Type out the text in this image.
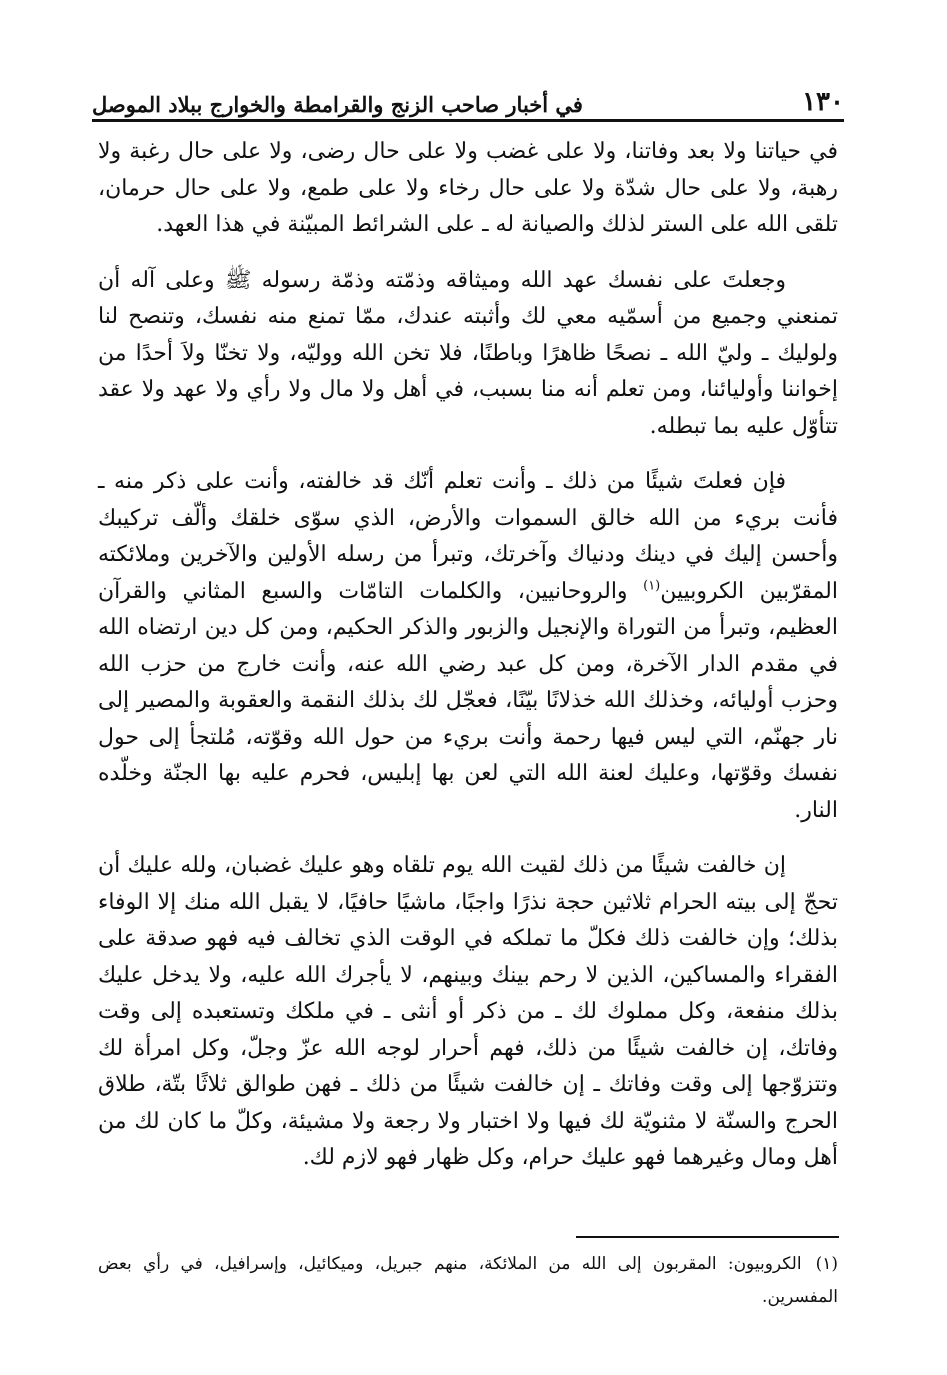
١٣٠
في أخبار صاحب الزنج والقرامطة والخوارج ببلاد الموصل

في حياتنا ولا بعد وفاتنا، ولا على غضب ولا على حال رضى، ولا على حال رغبة ولا رهبة، ولا على حال شدّة ولا على حال رخاء ولا على طمع، ولا على حال حرمان، تلقى الله على الستر لذلك والصيانة له ـ على الشرائط المبيّنة في هذا العهد.

وجعلتَ على نفسك عهد الله وميثاقه وذمّته وذمّة رسوله ﷺ وعلى آله أن تمنعني وجميع من أسمّيه معي لك وأثبته عندك، ممّا تمنع منه نفسك، وتنصح لنا ولوليك ـ وليّ الله ـ نصحًا ظاهرًا وباطنًا، فلا تخن الله ووليّه، ولا تخنّا ولاَ أحدًا من إخواننا وأوليائنا، ومن تعلم أنه منا بسبب، في أهل ولا مال ولا رأي ولا عهد ولا عقد تتأوّل عليه بما تبطله.

فإن فعلتَ شيئًا من ذلك ـ وأنت تعلم أنّك قد خالفته، وأنت على ذكر منه ـ فأنت بريء من الله خالق السموات والأرض، الذي سوّى خلقك وألّف تركيبك وأحسن إليك في دينك ودنياك وآخرتك، وتبرأ من رسله الأولين والآخرين وملائكته المقرّبين الكروبيين$^{(١)}$ والروحانيين، والكلمات التامّات والسبع المثاني والقرآن العظيم، وتبرأ من التوراة والإنجيل والزبور والذكر الحكيم، ومن كل دين ارتضاه الله في مقدم الدار الآخرة، ومن كل عبد رضي الله عنه، وأنت خارج من حزب الله وحزب أوليائه، وخذلك الله خذلانًا بيّنًا، فعجّل لك بذلك النقمة والعقوبة والمصير إلى نار جهنّم، التي ليس فيها رحمة وأنت بريء من حول الله وقوّته، مُلتجأ إلى حول نفسك وقوّتها، وعليك لعنة الله التي لعن بها إبليس، فحرم عليه بها الجنّة وخلّده النار.

إن خالفت شيئًا من ذلك لقيت الله يوم تلقاه وهو عليك غضبان، ولله عليك أن تحجّ إلى بيته الحرام ثلاثين حجة نذرًا واجبًا، ماشيًا حافيًا، لا يقبل الله منك إلا الوفاء بذلك؛ وإن خالفت ذلك فكلّ ما تملكه في الوقت الذي تخالف فيه فهو صدقة على الفقراء والمساكين، الذين لا رحم بينك وبينهم، لا يأجرك الله عليه، ولا يدخل عليك بذلك منفعة، وكل مملوك لك ـ من ذكر أو أنثى ـ في ملكك وتستعبده إلى وقت وفاتك، إن خالفت شيئًا من ذلك، فهم أحرار لوجه الله عزّ وجلّ، وكل امرأة لك وتتزوّجها إلى وقت وفاتك ـ إن خالفت شيئًا من ذلك ـ فهن طوالق ثلاثًا بتّة، طلاق الحرج والسنّة لا مثنويّة لك فيها ولا اختبار ولا رجعة ولا مشيئة، وكلّ ما كان لك من أهل ومال وغيرهما فهو عليك حرام، وكل ظهار فهو لازم لك.

(١)الكروبيون: المقربون إلى الله من الملائكة، منهم جبريل، وميكائيل، وإسرافيل، في رأي بعض المفسرين.
